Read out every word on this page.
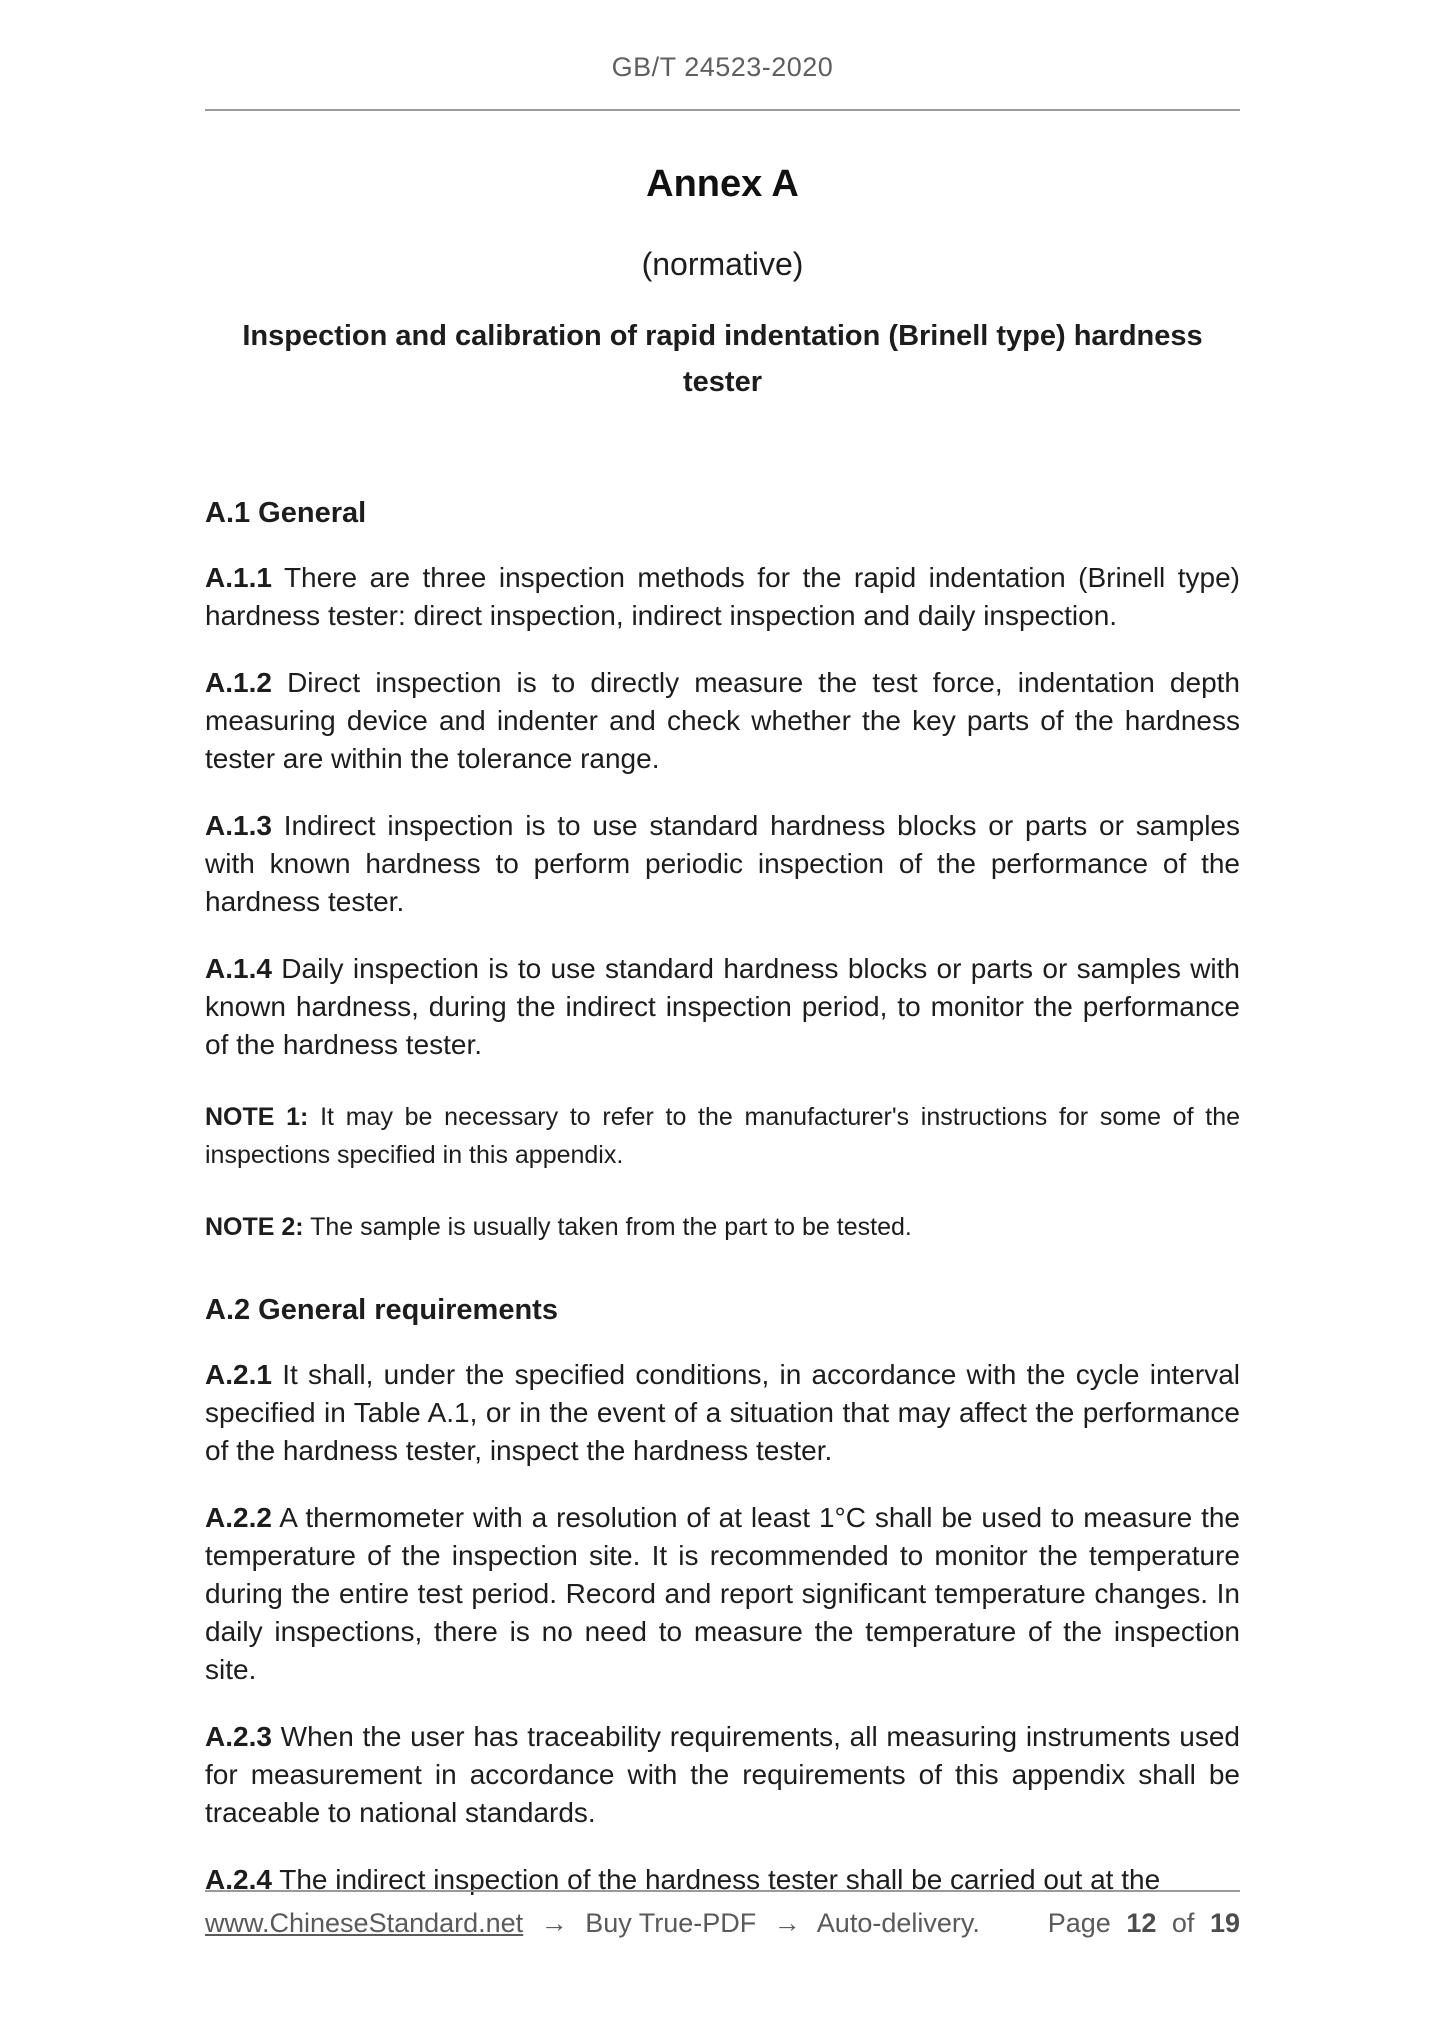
GB/T 24523-2020
Annex A
(normative)
Inspection and calibration of rapid indentation (Brinell type) hardness tester
A.1 General

A.1.1 There are three inspection methods for the rapid indentation (Brinell type) hardness tester: direct inspection, indirect inspection and daily inspection.

A.1.2 Direct inspection is to directly measure the test force, indentation depth measuring device and indenter and check whether the key parts of the hardness tester are within the tolerance range.

A.1.3 Indirect inspection is to use standard hardness blocks or parts or samples with known hardness to perform periodic inspection of the performance of the hardness tester.

A.1.4 Daily inspection is to use standard hardness blocks or parts or samples with known hardness, during the indirect inspection period, to monitor the performance of the hardness tester.

NOTE 1: It may be necessary to refer to the manufacturer's instructions for some of the inspections specified in this appendix.

NOTE 2: The sample is usually taken from the part to be tested.

A.2 General requirements

A.2.1 It shall, under the specified conditions, in accordance with the cycle interval specified in Table A.1, or in the event of a situation that may affect the performance of the hardness tester, inspect the hardness tester.

A.2.2 A thermometer with a resolution of at least 1°C shall be used to measure the temperature of the inspection site. It is recommended to monitor the temperature during the entire test period. Record and report significant temperature changes. In daily inspections, there is no need to measure the temperature of the inspection site.

A.2.3 When the user has traceability requirements, all measuring instruments used for measurement in accordance with the requirements of this appendix shall be traceable to national standards.

A.2.4 The indirect inspection of the hardness tester shall be carried out at the

www.ChineseStandard.net → Buy True-PDF → Auto-delivery.	Page 12 of 19
